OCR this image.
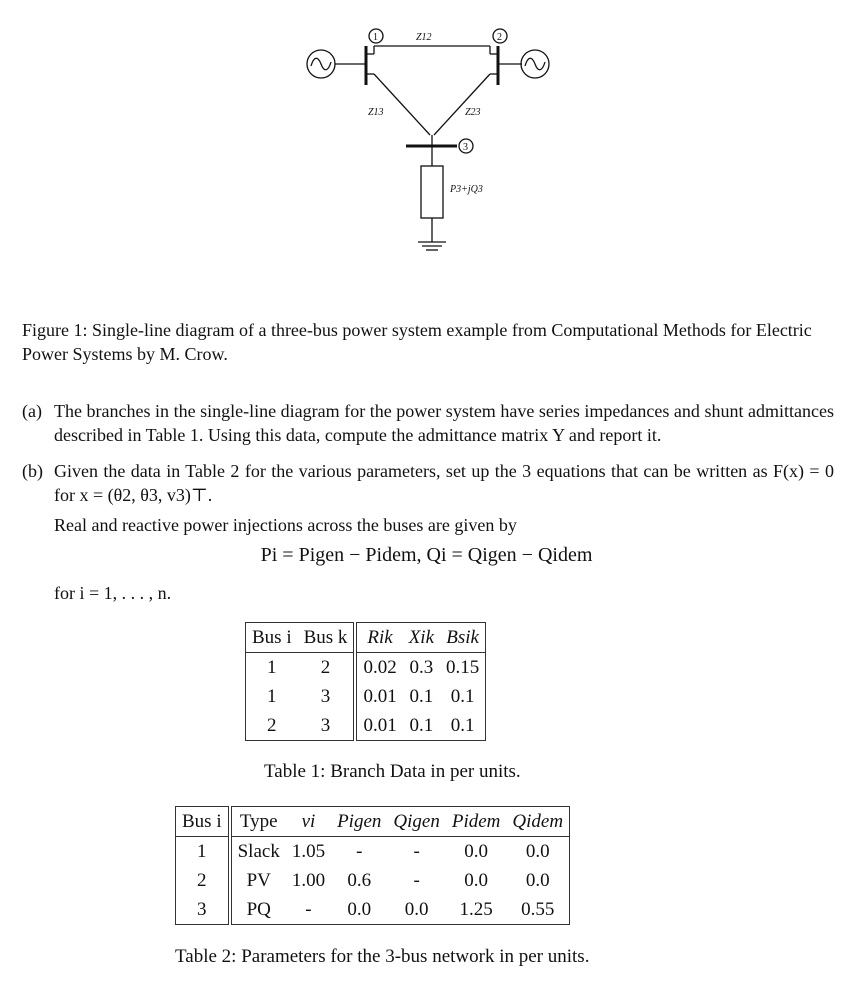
1	2
3
Z12
Z13	Z23
P3+jQ3
Figure 1: Single-line diagram of a three-bus power system example from Computational Methods for Electric Power Systems by M. Crow.
(a) The branches in the single-line diagram for the power system have series impedances and shunt admittances described in Table 1. Using this data, compute the admittance matrix Y and report it.
(b) Given the data in Table 2 for the various parameters, set up the 3 equations that can be written as F(x) = 0 for x = (θ2, θ3, v3)⊤.
Real and reactive power injections across the buses are given by
Pi = Pigen − Pidem, Qi = Qigen − Qidem
for i = 1, . . . , n.
Bus i	Bus k	Rik	Xik	Bsik
1	2	0.02	0.3	0.15
1	3	0.01	0.1	0.1
2	3	0.01	0.1	0.1
Table 1: Branch Data in per units.
Bus i	Type	vi	Pigen	Qigen	Pidem	Qidem
1	Slack	1.05	-	-	0.0	0.0
2	PV	1.00	0.6	-	0.0	0.0
3	PQ	-	0.0	0.0	1.25	0.55
Table 2: Parameters for the 3-bus network in per units.
